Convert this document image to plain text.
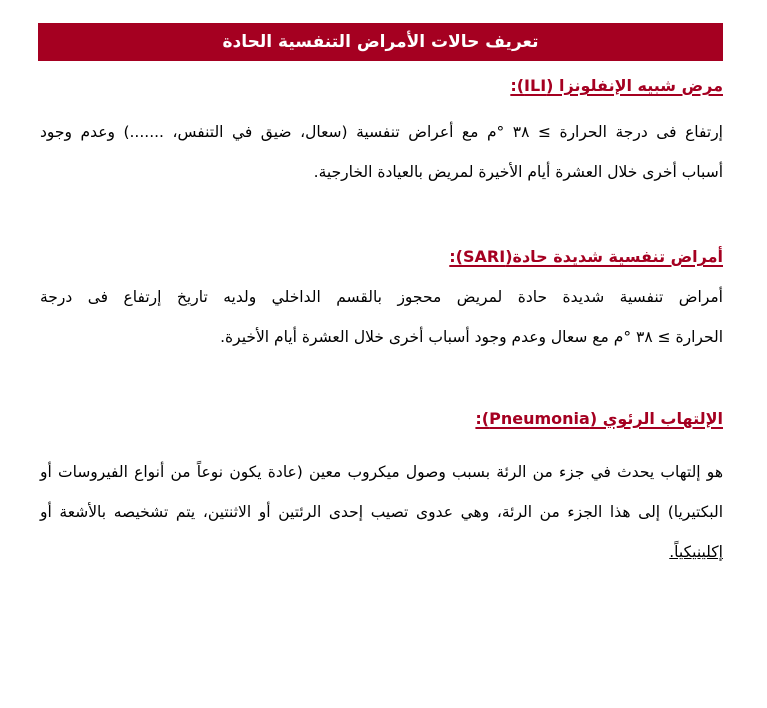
تعريف حالات الأمراض التنفسية الحادة
مرض شبيه الإنفلونزا (ILI):
إرتفاع فى درجة الحرارة ≥ ٣٨ °م مع أعراض تنفسية (سعال، ضيق في التنفس، .......) وعدم وجود
أسباب أخرى خلال العشرة أيام الأخيرة لمريض بالعيادة الخارجية.
أمراض تنفسية شديدة حادة(SARI):
أمراض تنفسية شديدة حادة لمريض محجوز بالقسم الداخلي ولديه تاريخ إرتفاع فى درجة
الحرارة ≥ ٣٨ °م مع سعال وعدم وجود أسباب أخرى خلال العشرة أيام الأخيرة.
الإلتهاب الرئوي (Pneumonia):
هو إلتهاب يحدث في جزء من الرئة بسبب وصول ميكروب معين (عادة يكون نوعاً من أنواع الفيروسات أو
البكتيريا) إلى هذا الجزء من الرئة، وهي عدوى تصيب إحدى الرئتين أو الاثنتين، يتم تشخيصه بالأشعة أو
إكلينيكياً.
